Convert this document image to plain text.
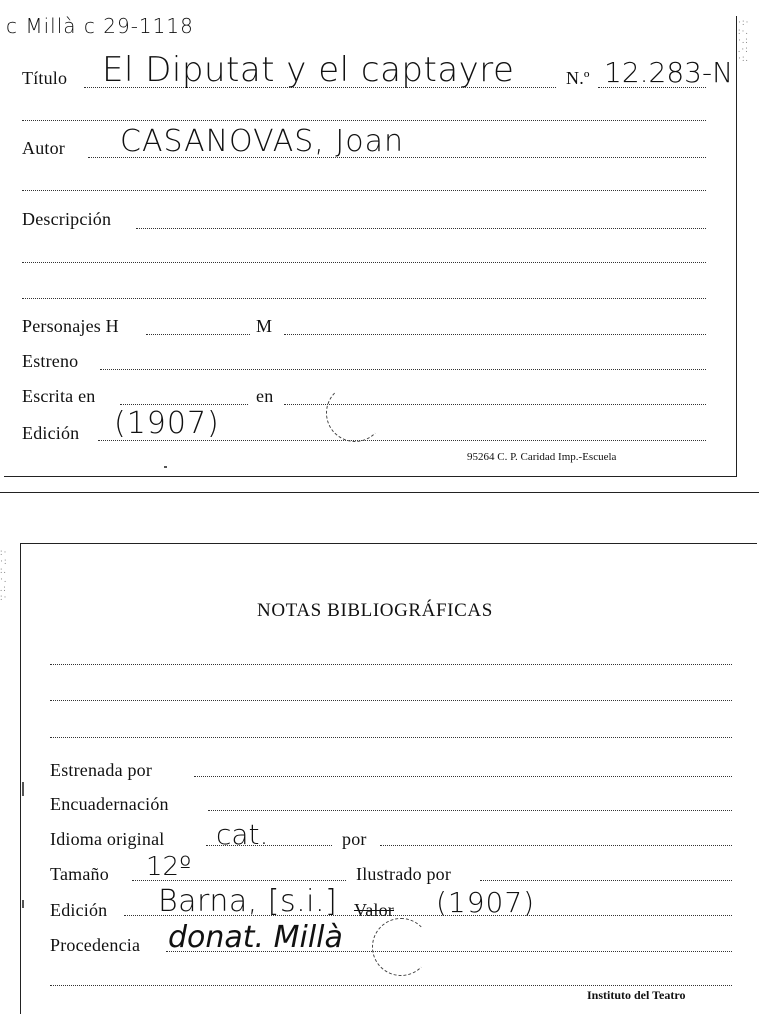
c Millà c 29-1118	·:·
:·.
·.:
.·:
·:.
:·
·:
:.
·.
.:
:·
Título El Diputat y el captayre	N.º 12.283-N
Autor CASANOVAS, Joan
Descripción
Personajes H	M
Estreno
Escrita en	en
Edición (1907)
95264 C. P. Caridad Imp.-Escuela
NOTAS BIBLIOGRÁFICAS
Estrenada por
Encuadernación
Idioma original cat.	por
Tamaño 12º	Ilustrado por
Edición Barna, [s.i.] Valor (1907)
Procedencia donat. Millà
Instituto del Teatro
